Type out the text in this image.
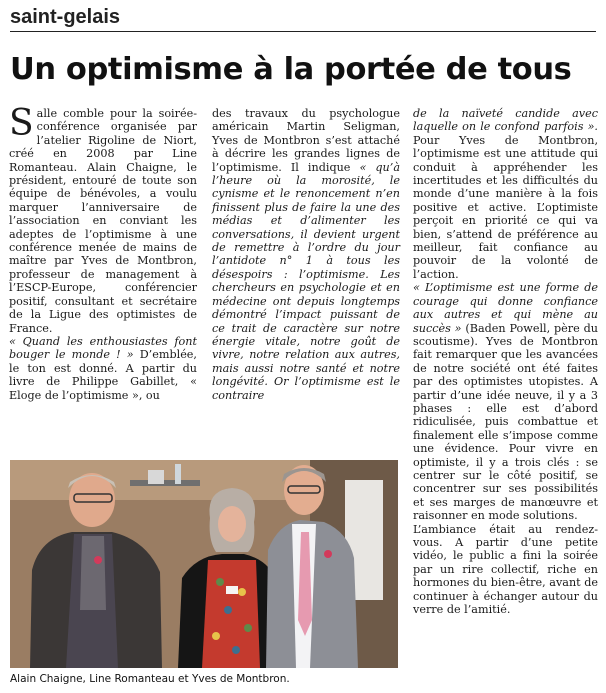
saint-gelais
Un optimisme à la portée de tous

Salle comble pour la soirée-conférence organisée par l’atelier Rigoline de Niort, créé en 2008 par Line Romanteau. Alain Chaigne, le président, entouré de toute son équipe de bénévoles, a voulu marquer l’anniversaire de l’association en conviant les adeptes de l’optimisme à une conférence menée de mains de maître par Yves de Montbron, professeur de management à l’ESCP-Europe, conférencier positif, consultant et secrétaire de la Ligue des optimistes de France.

« Quand les enthousiastes font bouger le monde ! » D’emblée, le ton est donné. A partir du livre de Philippe Gabillet, « Eloge de l’optimisme », ou

des travaux du psychologue américain Martin Seligman, Yves de Montbron s’est attaché à décrire les grandes lignes de l’optimisme. Il indique « qu’à l’heure où la morosité, le cynisme et le renoncement n’en finissent plus de faire la une des médias et d’alimenter les conversations, il devient urgent de remettre à l’ordre du jour l’antidote n° 1 à tous les désespoirs : l’optimisme. Les chercheurs en psychologie et en médecine ont depuis longtemps démontré l’impact puissant de ce trait de caractère sur notre énergie vitale, notre goût de vivre, notre relation aux autres, mais aussi notre santé et notre longévité. Or l’optimisme est le contraire

de la naïveté candide avec laquelle on le confond parfois ». Pour Yves de Montbron, l’optimisme est une attitude qui conduit à appréhender les incertitudes et les difficultés du monde d’une manière à la fois positive et active. L’optimiste perçoit en priorité ce qui va bien, s’attend de préférence au meilleur, fait confiance au pouvoir de la volonté de l’action.

« L’optimisme est une forme de courage qui donne confiance aux autres et qui mène au succès » (Baden Powell, père du scoutisme). Yves de Montbron fait remarquer que les avancées de notre société ont été faites par des optimistes utopistes. A partir d’une idée neuve, il y a 3 phases : elle est d’abord ridiculisée, puis combattue et finalement elle s’impose comme une évidence. Pour vivre en optimiste, il y a trois clés : se centrer sur le côté positif, se concentrer sur ses possibilités et ses marges de manœuvre et raisonner en mode solutions.

L’ambiance était au rendez-vous. A partir d’une petite vidéo, le public a fini la soirée par un rire collectif, riche en hormones du bien-être, avant de continuer à échanger autour du verre de l’amitié.

Alain Chaigne, Line Romanteau et Yves de Montbron.
